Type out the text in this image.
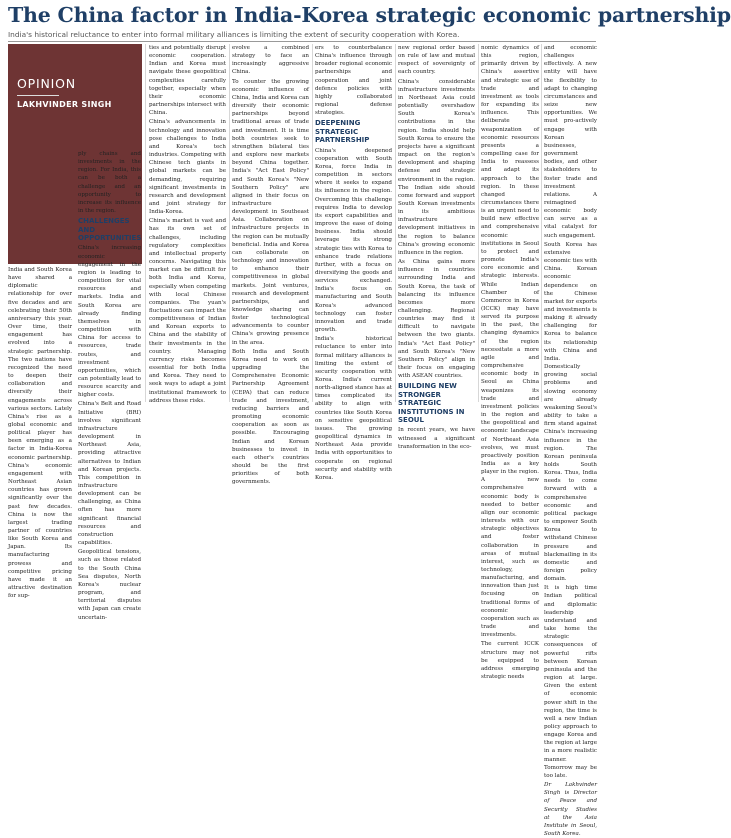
The China factor in India-Korea strategic economic partnership
India's historical reluctance to enter into formal military alliances is limiting the extent of security cooperation with Korea.
OPINION
LAKHVINDER SINGH

India and South Korea have shared a diplomatic relationship for over five decades and are celebrating their 50th anniversary this year. Over time, their engagement has evolved into a strategic partnership. The two nations have recognized the need to deepen their collaboration and diversify their engagements across various sectors. Lately China's rise as a global economic and political player has been emerging as a factor in India-Korea economic partnership. China's economic engagement with Northeast Asian countries has grown significantly over the past few decades. China is now the largest trading partner of countries like South Korea and Japan. Its manufacturing prowess and competitive pricing have made it an attractive destination for sup-

ply chains and investments in the region. For India, this can be both a challenge and an opportunity to increase its influence in the region.

CHALLENGES AND OPPORTUNITIES

China's increasing economic engagement in the region is leading to competition for vital resources and markets. India and South Korea are already finding themselves in competition with China for access to resources, trade routes, and investment opportunities, which can potentially lead to resource scarcity and higher costs.

China's Belt and Road Initiative (BRI) involves significant infrastructure development in Northeast Asia, providing attractive alternatives to Indian and Korean projects. This competition in infrastructure development can be challenging, as China often has more significant financial resources and construction capabilities.

Geopolitical tensions, such as those related to the South China Sea disputes, North Korea's nuclear program, and territorial disputes with Japan can create uncertain-

ties and potentially disrupt economic cooperation. Indian and Korea must navigate these geopolitical complexities carefully together, especially when their economic partnerships intersect with China.

China's advancements in technology and innovation pose challenges to India and Korea's tech industries. Competing with Chinese tech giants in global markets can be demanding, requiring significant investments in research and development and joint strategy for India-Korea.

China's market is vast and has its own set of challenges, including regulatory complexities and intellectual property concerns. Navigating this market can be difficult for both India and Korea, especially when competing with local Chinese companies. The yuan's fluctuations can impact the competitiveness of Indian and Korean exports to China and the stability of their investments in the country. Managing currency risks becomes essential for both India and Korea. They need to seek ways to adapt a joint institutional framework to address these risks.

evolve a combined strategy to face an increasingly aggressive China.

To counter the growing economic influence of China, India and Korea can diversify their economic partnerships beyond traditional areas of trade and investment. It is time both countries seek to strengthen bilateral ties and explore new markets beyond China together. India's "Act East Policy" and South Korea's "New Southern Policy" are aligned in their focus on infrastructure development in Southeast Asia. Collaboration on infrastructure projects in the region can be mutually beneficial. India and Korea can collaborate on technology and innovation to enhance their competitiveness in global markets. Joint ventures, research and development partnerships, and knowledge sharing can foster technological advancements to counter China's growing presence in the area.

Both India and South Korea need to work on upgrading the Comprehensive Economic Partnership Agreement (CEPA) that can reduce trade and investment, reducing barriers and promoting economic cooperation as soon as possible. Encouraging Indian and Korean businesses to invest in each other's countries should be the first priorities of both governments.

ers to counterbalance China's influence through broader regional economic partnerships and cooperation and joint defence policies with highly collaborated regional defense strategies.

DEEPENING STRATEGIC PARTNERSHIP

China's deepened cooperation with South Korea, force India in competition in sectors where it seeks to expand its influence in the region. Overcoming this challenge requires India to develop its export capabilities and improve the ease of doing business. India should leverage its strong strategic ties with Korea to enhance trade relations further, with a focus on diversifying the goods and services exchanged. India's focus on manufacturing and South Korea's advanced technology can foster innovation and trade growth.

India's historical reluctance to enter into formal military alliances is limiting the extent of security cooperation with Korea. India's current north-aligned stance has at times complicated its ability to align with countries like South Korea on sensitive geopolitical issues. The growing geopolitical dynamics in Northeast Asia provide India with opportunities to cooperate on regional security and stability with Korea.

new regional order based on rule of law and mutual respect of sovereignty of each country.

China's considerable infrastructure investments in Northeast Asia could potentially overshadow South Korea's contributions in the region. India should help South Korea to ensure the projects have a significant impact on the region's development and shaping defense and strategic environment in the region. The Indian side should come forward and support South Korean investments in its ambitious infrastructure development initiatives in the region to balance China's growing economic influence in the region.

As China gains more influence in countries surrounding India and South Korea, the task of balancing its influence becomes more challenging. Regional countries may find it difficult to navigate between the two giants. India's "Act East Policy" and South Korea's "New Southern Policy" align in their focus on engaging with ASEAN countries.

BUILDING NEW STRONGER STRATEGIC INSTITUTIONS IN SEOUL

In recent years, we have witnessed a significant transformation in the eco-

nomic dynamics of this region, primarily driven by China's assertive and strategic use of trade and investment as tools for expanding its influence. This deliberate weaponization of economic resources presents a compelling case for India to reassess and adapt its approach to the region. In these changed circumstances there is an urgent need to build new effective and comprehensive economic institutions in Seoul to protect and promote India's core economic and strategic interests. While Indian Chamber of Commerce in Korea (ICCK) may have served its purpose in the past, the changing dynamics of the region necessitate a more agile and comprehensive economic body in Seoul as China weaponizes its trade and investment policies in the region and the geopolitical and economic landscape of Northeast Asia evolves, we must proactively position India as a key player in the region. A new comprehensive economic body is needed to better align our economic interests with our strategic objectives and foster collaboration in areas of mutual interest, such as technology, manufacturing, and innovation than just focusing on traditional forms of economic cooperation such as trade and investments.

The current ICCK structure may not be equipped to address emerging strategic needs

and economic challenges effectively. A new entity will have the flexibility to adapt to changing circumstances and seize new opportunities. We must pro-actively engage with Korean businesses, government bodies, and other stakeholders to foster trade and investment relations. A reimagined economic body can serve as a vital catalyst for such engagement.

South Korea has extensive economic ties with China. Korean economic dependence on the Chinese market for exports and investments is making it already challenging for Korea to balance its relationship with China and India. Domestically growing social problems and slowing economy are already weakening Seoul's ability to take a firm stand against China's increasing influence in the region. The Korean peninsula holds South Korea. Thus, India needs to come forward with a comprehensive economic and political package to empower South Korea to withstand Chinese pressure and blackmailing in its domestic and foreign policy domain.

It is high time Indian political and diplomatic leadership understand and take home the strategic consequences of powerful rifts between Korean peninsula and the region at large. Given the extent of economic power shift in the region, the time is well a new Indian policy approach to engage Korea and the region at large in a more realistic manner. Tomorrow may be too late.

Dr Lakhvinder Singh is Director of Peace and Security Studies at the Asia Institute in Seoul, South Korea.
